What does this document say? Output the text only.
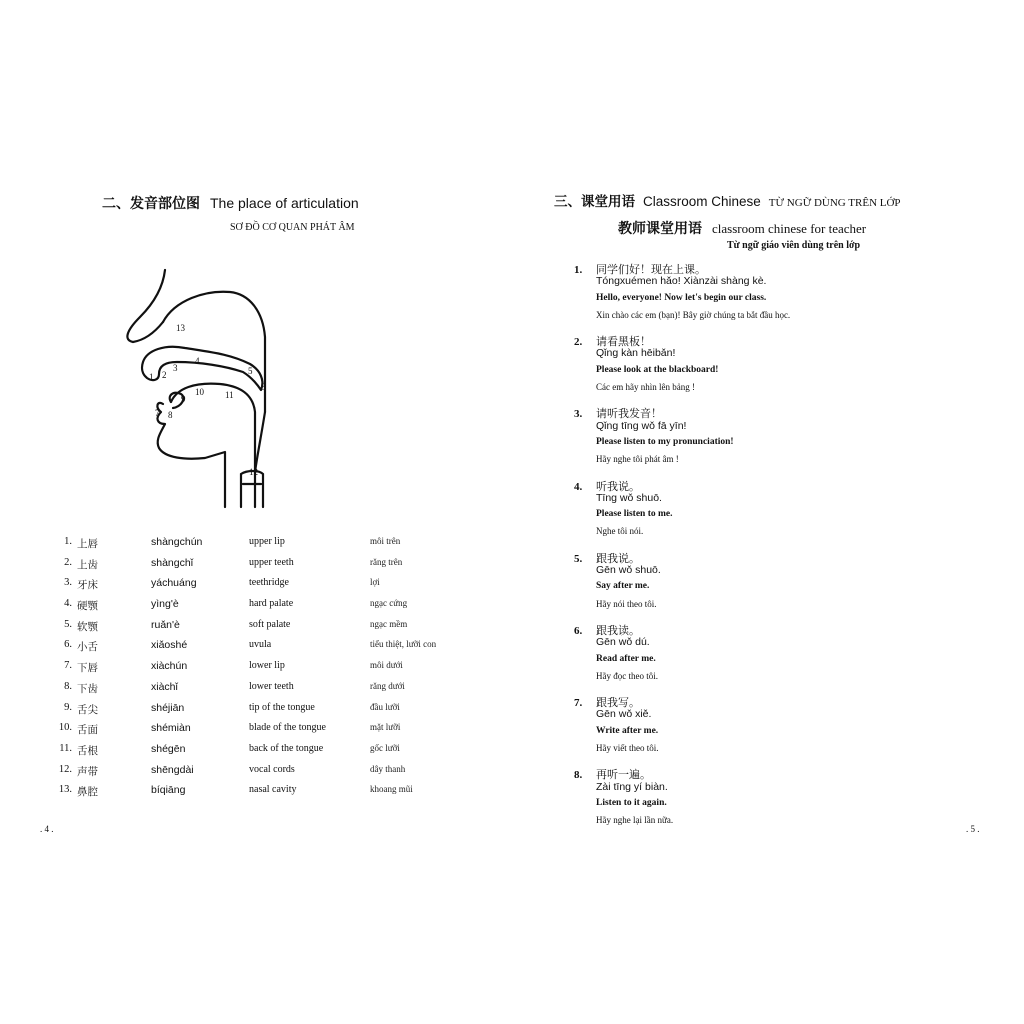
二、发音部位图 The place of articulation
SƠ ĐỒ CƠ QUAN PHÁT ÂM
1 2
3
4
5
6
7 8
9
10 11
12
13
1. 上唇	shàngchún	upper lip	môi trên
2. 上齿	shàngchǐ	upper teeth	răng trên
3. 牙床	yáchuáng	teethridge	lợi
4. 硬颚	yìng'è	hard palate	ngạc cứng
5. 软颚	ruǎn'è	soft palate	ngạc mềm
6. 小舌	xiǎoshé	uvula	tiểu thiệt, lưỡi con
7. 下唇	xiàchún	lower lip	môi dưới
8. 下齿	xiàchǐ	lower teeth	răng dưới
9. 舌尖	shéjiān	tip of the tongue	đầu lưỡi
10. 舌面	shémiàn	blade of the tongue	mặt lưỡi
11. 舌根	shégēn	back of the tongue	gốc lưỡi
12. 声带	shēngdài	vocal cords	dây thanh
13. 鼻腔	bíqiāng	nasal cavity	khoang mũi
. 4 .
三、课堂用语 Classroom Chinese TỪ NGỮ DÙNG TRÊN LỚP
教师课堂用语 classroom chinese for teacher
Từ ngữ giáo viên dùng trên lớp
1. 同学们好！现在上课。
Tóngxuémen hǎo! Xiànzài shàng kè.
Hello, everyone! Now let's begin our class.
Xin chào các em (bạn)! Bây giờ chúng ta bắt đầu học.
2. 请看黑板！
Qǐng kàn hēibǎn!
Please look at the blackboard!
Các em hãy nhìn lên bảng !
3. 请听我发音！
Qǐng tīng wǒ fā yīn!
Please listen to my pronunciation!
Hãy nghe tôi phát âm !
4. 听我说。
Tīng wǒ shuō.
Please listen to me.
Nghe tôi nói.
5. 跟我说。
Gēn wǒ shuō.
Say after me.
Hãy nói theo tôi.
6. 跟我读。
Gēn wǒ dú.
Read after me.
Hãy đọc theo tôi.
7. 跟我写。
Gēn wǒ xiě.
Write after me.
Hãy viết theo tôi.
8. 再听一遍。
Zài tīng yí biàn.
Listen to it again.
Hãy nghe lại lần nữa.
. 5 .
